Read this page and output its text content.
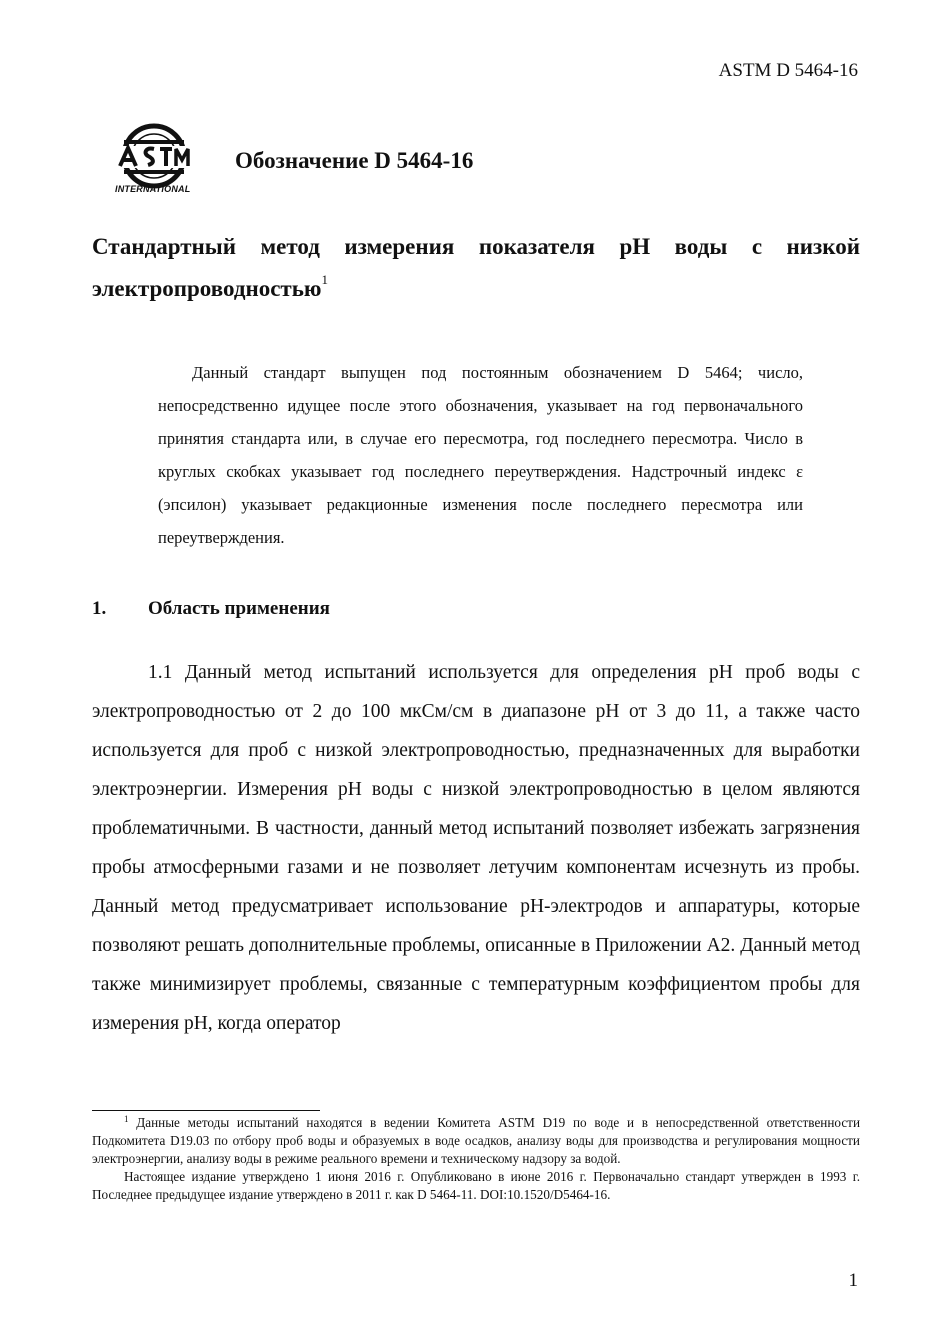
ASTM D 5464-16
INTERNATIONAL
Обозначение D 5464-16
Стандартный метод измерения показателя pH воды с низкой электропроводностью$^1$
Данный стандарт выпущен под постоянным обозначением D 5464; число, непосредственно идущее после этого обозначения, указывает на год первоначального принятия стандарта или, в случае его пересмотра, год последнего пересмотра. Число в круглых скобках указывает год последнего переутверждения. Надстрочный индекс ε (эпсилон) указывает редакционные изменения после последнего пересмотра или переутверждения.
1. Область применения
1.1 Данный метод испытаний используется для определения pH проб воды с электропроводностью от 2 до 100 мкСм/см в диапазоне pH от 3 до 11, а также часто используется для проб с низкой электропроводностью, предназначенных для выработки электроэнергии. Измерения pH воды с низкой электропроводностью в целом являются проблематичными. В частности, данный метод испытаний позволяет избежать загрязнения пробы атмосферными газами и не позволяет летучим компонентам исчезнуть из пробы. Данный метод предусматривает использование pH-электродов и аппаратуры, которые позволяют решать дополнительные проблемы, описанные в Приложении А2. Данный метод также минимизирует проблемы, связанные с температурным коэффициентом пробы для измерения pH, когда оператор

$^1$ Данные методы испытаний находятся в ведении Комитета ASTM D19 по воде и в непосредственной ответственности Подкомитета D19.03 по отбору проб воды и образуемых в воде осадков, анализу воды для производства и регулирования мощности электроэнергии, анализу воды в режиме реального времени и техническому надзору за водой.

Настоящее издание утверждено 1 июня 2016 г. Опубликовано в июне 2016 г. Первоначально стандарт утвержден в 1993 г. Последнее предыдущее издание утверждено в 2011 г. как D 5464-11. DOI:10.1520/D5464-16.

1
